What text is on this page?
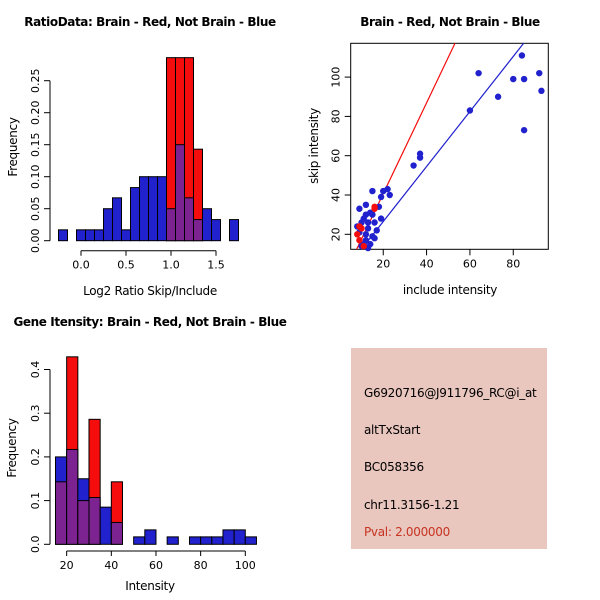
RatioData: Brain - Red, Not Brain - Blue
Frequency
Log2 Ratio Skip/Include
0.00
0.05
0.10
0.15
0.20
0.25
0.0	0.5	1.0	1.5
Brain - Red, Not Brain - Blue
skip intensity
include intensity
20	40	60	80
20
40
60
80
100
Gene Itensity: Brain - Red, Not Brain - Blue
Frequency
Intensity
0.0
0.1
0.2
0.3
0.4
20	40	60	80 100
G6920716@J911796_RC@i_at
altTxStart
BC058356
chr11.3156-1.21
Pval: 2.000000
